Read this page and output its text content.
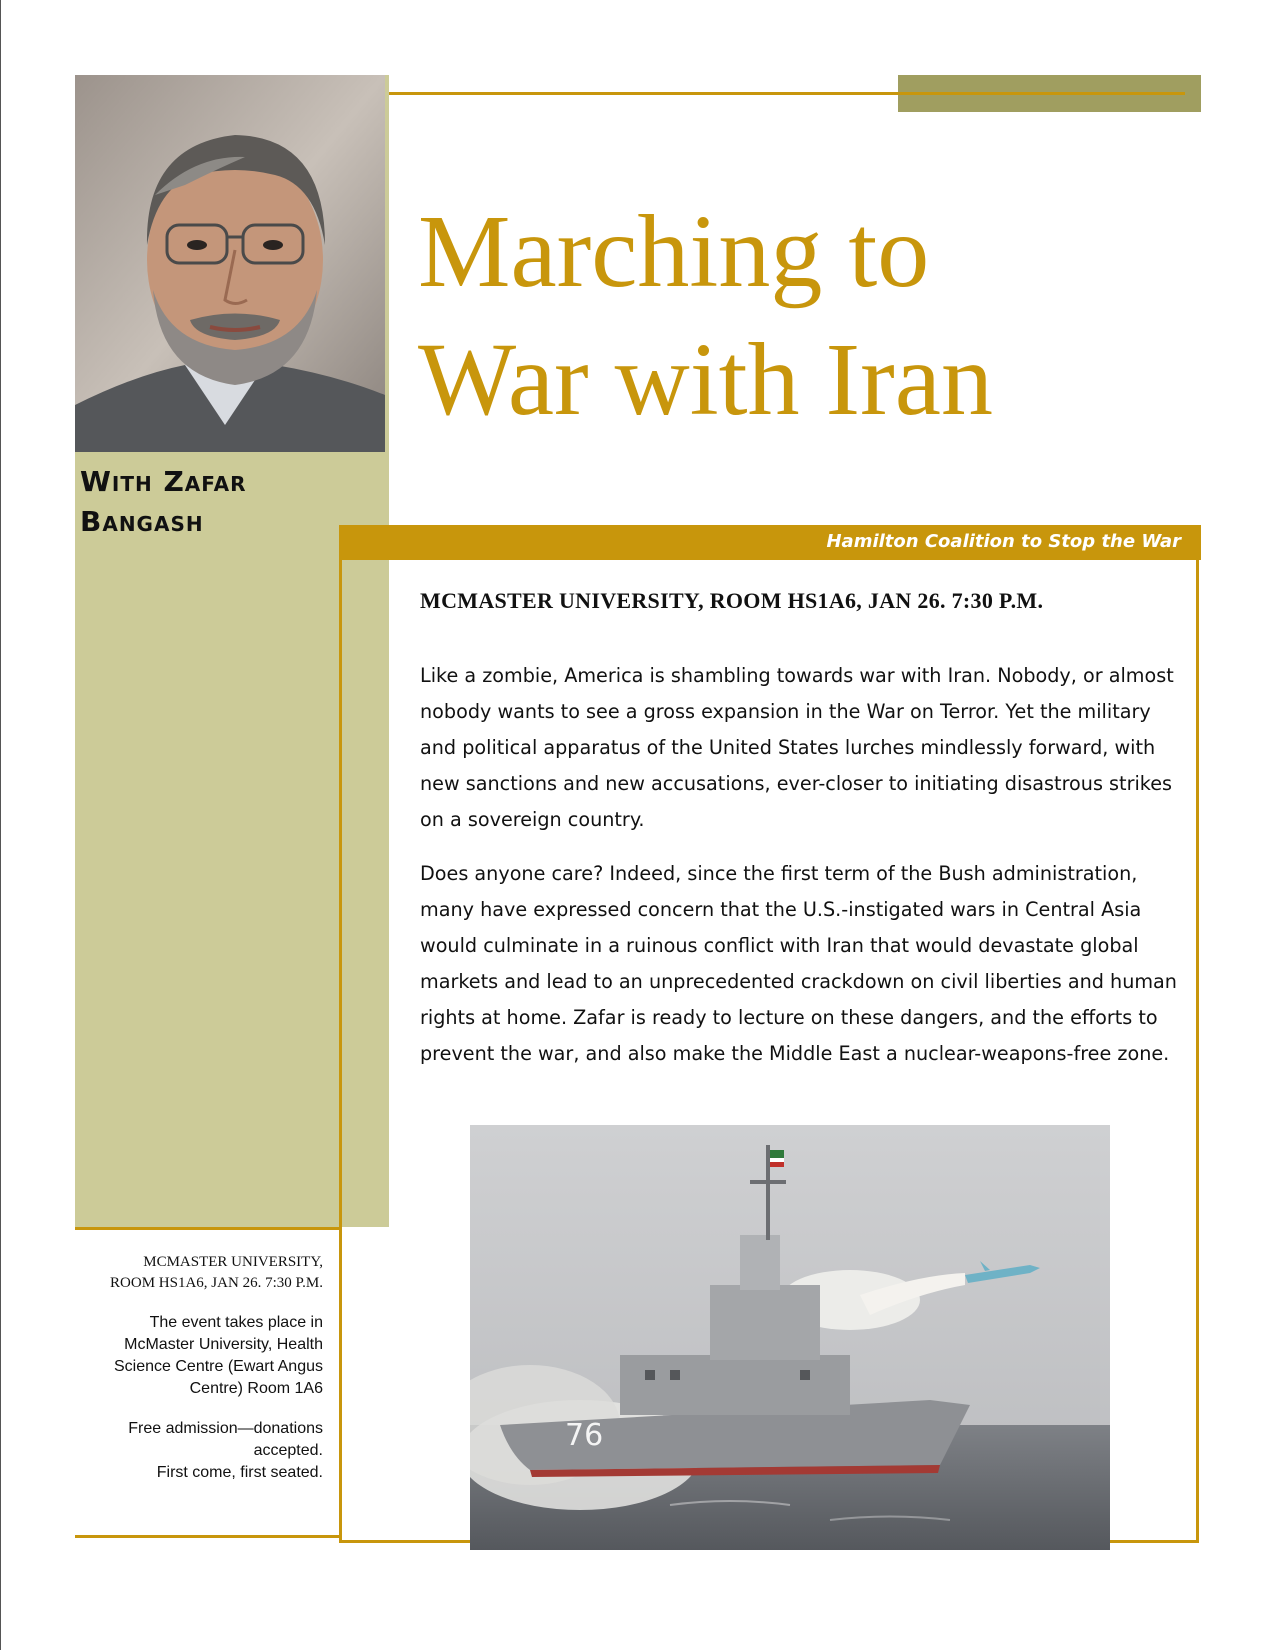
With Zafar
Bangash
MCMASTER UNIVERSITY,
ROOM HS1A6, JAN 26. 7:30 P.M.
The event takes place in McMaster University, Health Science Centre (Ewart Angus Centre) Room 1A6
Free admission—donations accepted.
First come, first seated.
Marching to
War with Iran
Hamilton Coalition to Stop the War
MCMASTER UNIVERSITY, ROOM HS1A6, JAN 26. 7:30 P.M.

Like a zombie, America is shambling towards war with Iran. Nobody, or almost nobody wants to see a gross expansion in the War on Terror. Yet the military and political apparatus of the United States lurches mindlessly forward, with new sanctions and new accusations, ever-closer to initiating disastrous strikes on a sovereign country.

Does anyone care? Indeed, since the first term of the Bush administration, many have expressed concern that the U.S.-instigated wars in Central Asia would culminate in a ruinous conflict with Iran that would devastate global markets and lead to an unprecedented crackdown on civil liberties and human rights at home. Zafar is ready to lecture on these dangers, and the efforts to prevent the war, and also make the Middle East a nuclear-weapons-free zone.

76
